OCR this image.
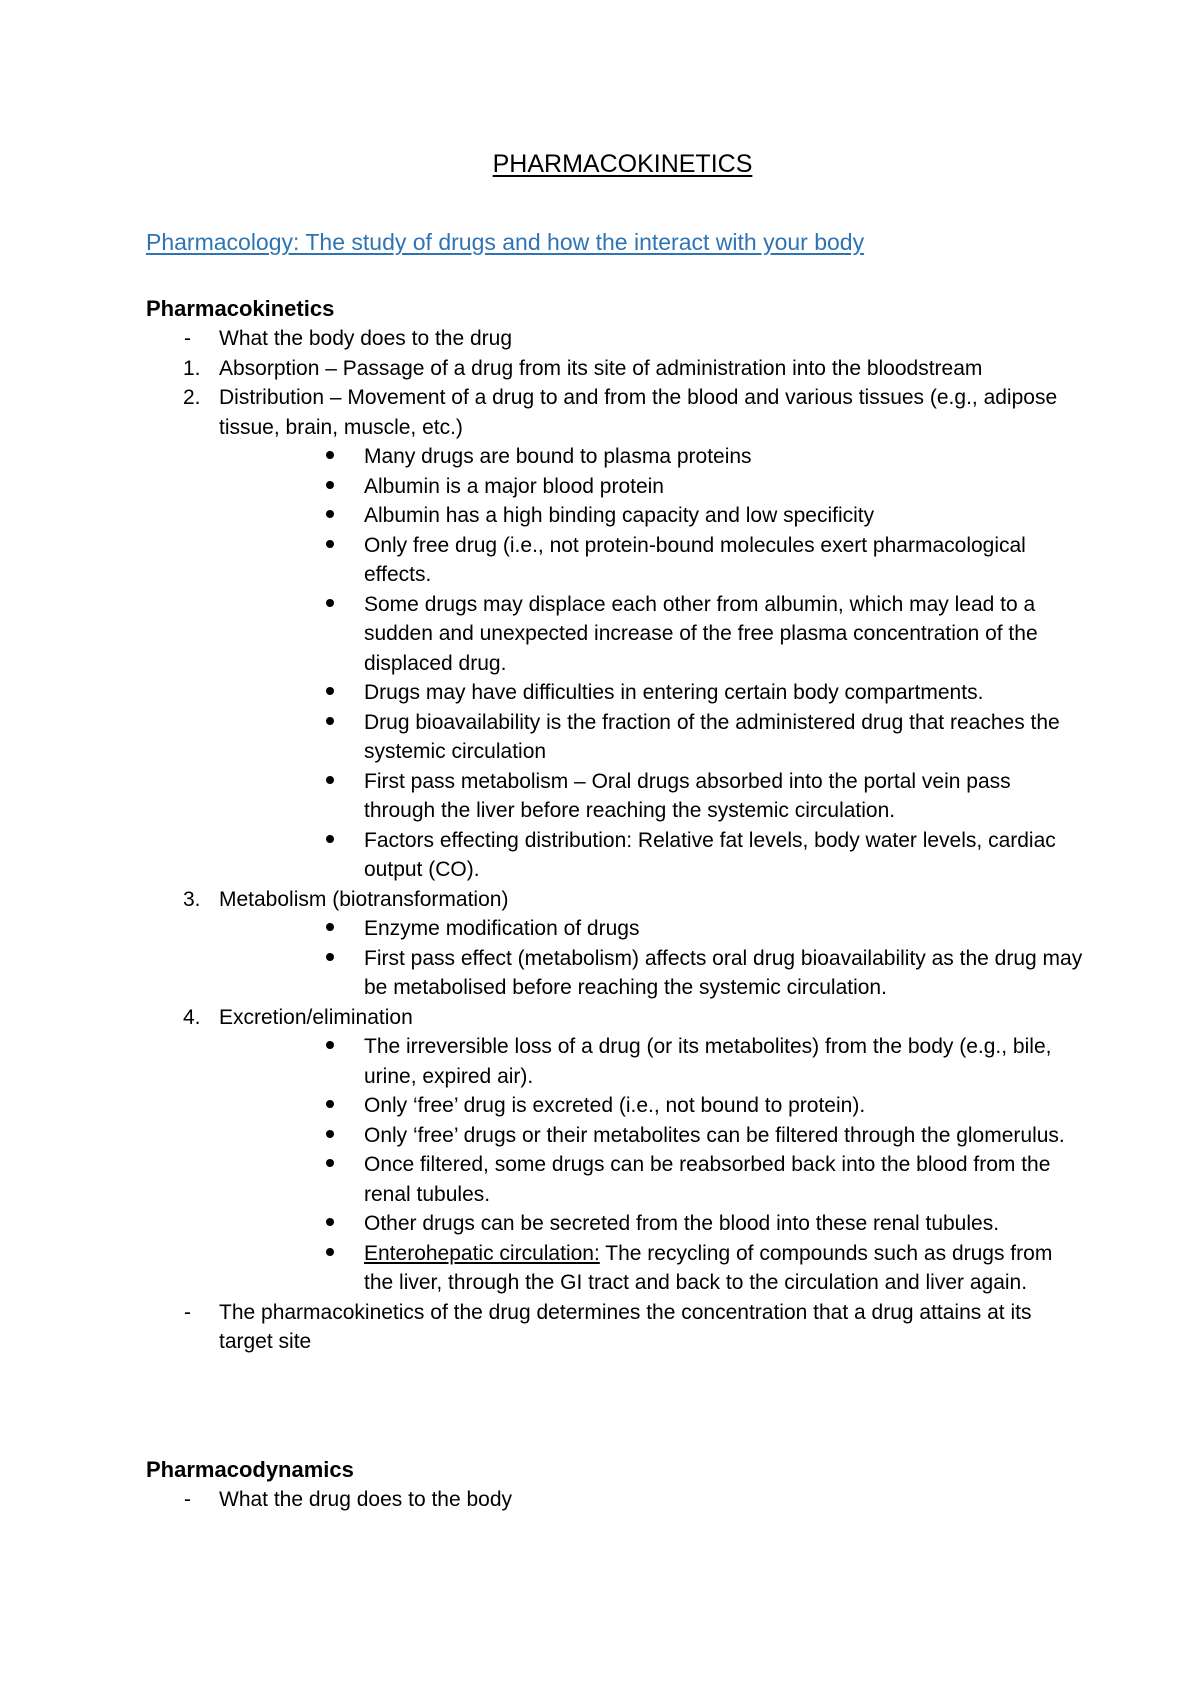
PHARMACOKINETICS
Pharmacology: The study of drugs and how the interact with your body
Pharmacokinetics
-	What the body does to the drug
1. Absorption – Passage of a drug from its site of administration into the bloodstream
2. Distribution – Movement of a drug to and from the blood and various tissues (e.g., adipose tissue, brain, muscle, etc.)
Many drugs are bound to plasma proteins
Albumin is a major blood protein
Albumin has a high binding capacity and low specificity
Only free drug (i.e., not protein-bound molecules exert pharmacological effects.
Some drugs may displace each other from albumin, which may lead to a sudden and unexpected increase of the free plasma concentration of the displaced drug.
Drugs may have difficulties in entering certain body compartments.
Drug bioavailability is the fraction of the administered drug that reaches the systemic circulation
First pass metabolism – Oral drugs absorbed into the portal vein pass through the liver before reaching the systemic circulation.
Factors effecting distribution: Relative fat levels, body water levels, cardiac output (CO).
3. Metabolism (biotransformation)
Enzyme modification of drugs
First pass effect (metabolism) affects oral drug bioavailability as the drug may be metabolised before reaching the systemic circulation.
4. Excretion/elimination
The irreversible loss of a drug (or its metabolites) from the body (e.g., bile, urine, expired air).
Only ‘free’ drug is excreted (i.e., not bound to protein).
Only ‘free’ drugs or their metabolites can be filtered through the glomerulus.
Once filtered, some drugs can be reabsorbed back into the blood from the renal tubules.
Other drugs can be secreted from the blood into these renal tubules.
Enterohepatic circulation: The recycling of compounds such as drugs from the liver, through the GI tract and back to the circulation and liver again.
-	The pharmacokinetics of the drug determines the concentration that a drug attains at its target site
Pharmacodynamics
-	What the drug does to the body
